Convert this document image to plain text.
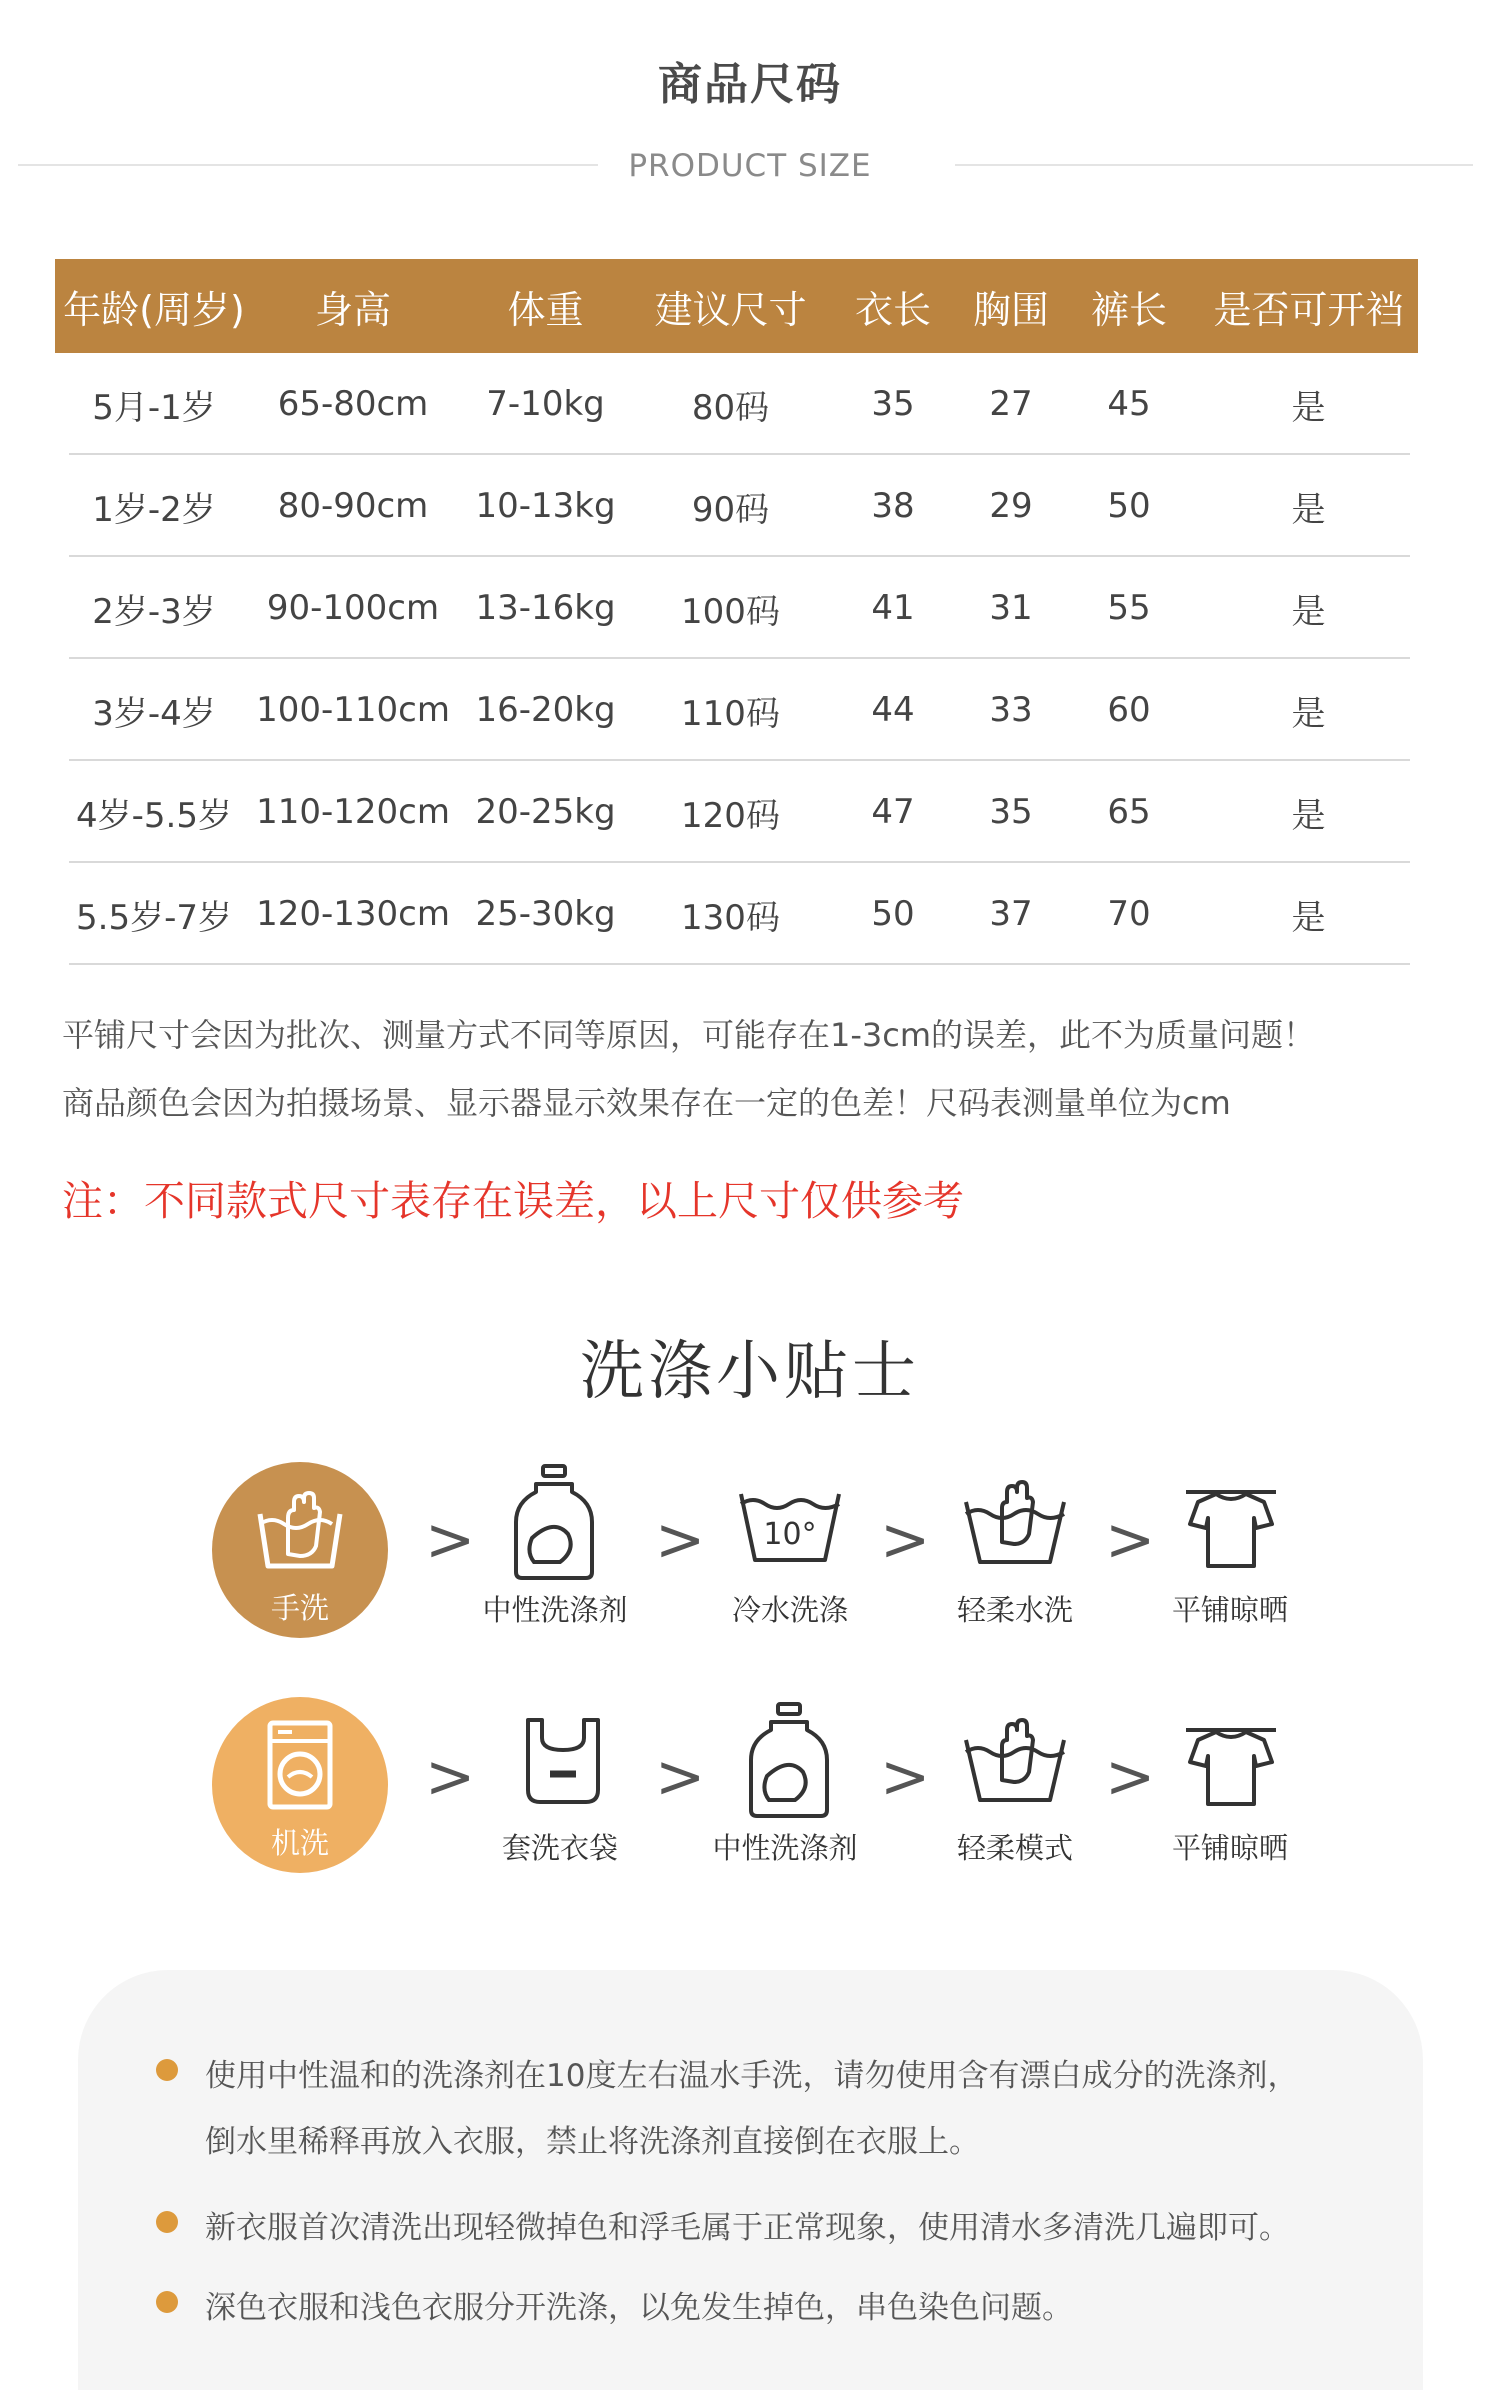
商品尺码
PRODUCT SIZE
年龄(周岁)	身高	体重	建议尺寸	衣长	胸围	裤长	是否可开裆
5月-1岁	65-80cm	7-10kg	80码	35	27	45	是
1岁-2岁	80-90cm	10-13kg	90码	38	29	50	是
2岁-3岁	90-100cm	13-16kg	100码	41	31	55	是
3岁-4岁	100-110cm 16-20kg	110码	44	33	60	是
4岁-5.5岁 110-120cm 20-25kg	120码	47	35	65	是
5.5岁-7岁 120-130cm 25-30kg	130码	50	37	70	是
平铺尺寸会因为批次、测量方式不同等原因，可能存在1-3cm的误差，此不为质量问题！
商品颜色会因为拍摄场景、显示器显示效果存在一定的色差！尺码表测量单位为cm
注：不同款式尺寸表存在误差，以上尺寸仅供参考
洗涤小贴士
手洗
>	> 10° >	>
中性洗涤剂	冷水洗涤	轻柔水洗	平铺晾晒
机洗
>	>	>	>
套洗衣袋	中性洗涤剂	轻柔模式	平铺晾晒
使用中性温和的洗涤剂在10度左右温水手洗，请勿使用含有漂白成分的洗涤剂，
倒水里稀释再放入衣服，禁止将洗涤剂直接倒在衣服上。
新衣服首次清洗出现轻微掉色和浮毛属于正常现象，使用清水多清洗几遍即可。
深色衣服和浅色衣服分开洗涤，以免发生掉色，串色染色问题。
